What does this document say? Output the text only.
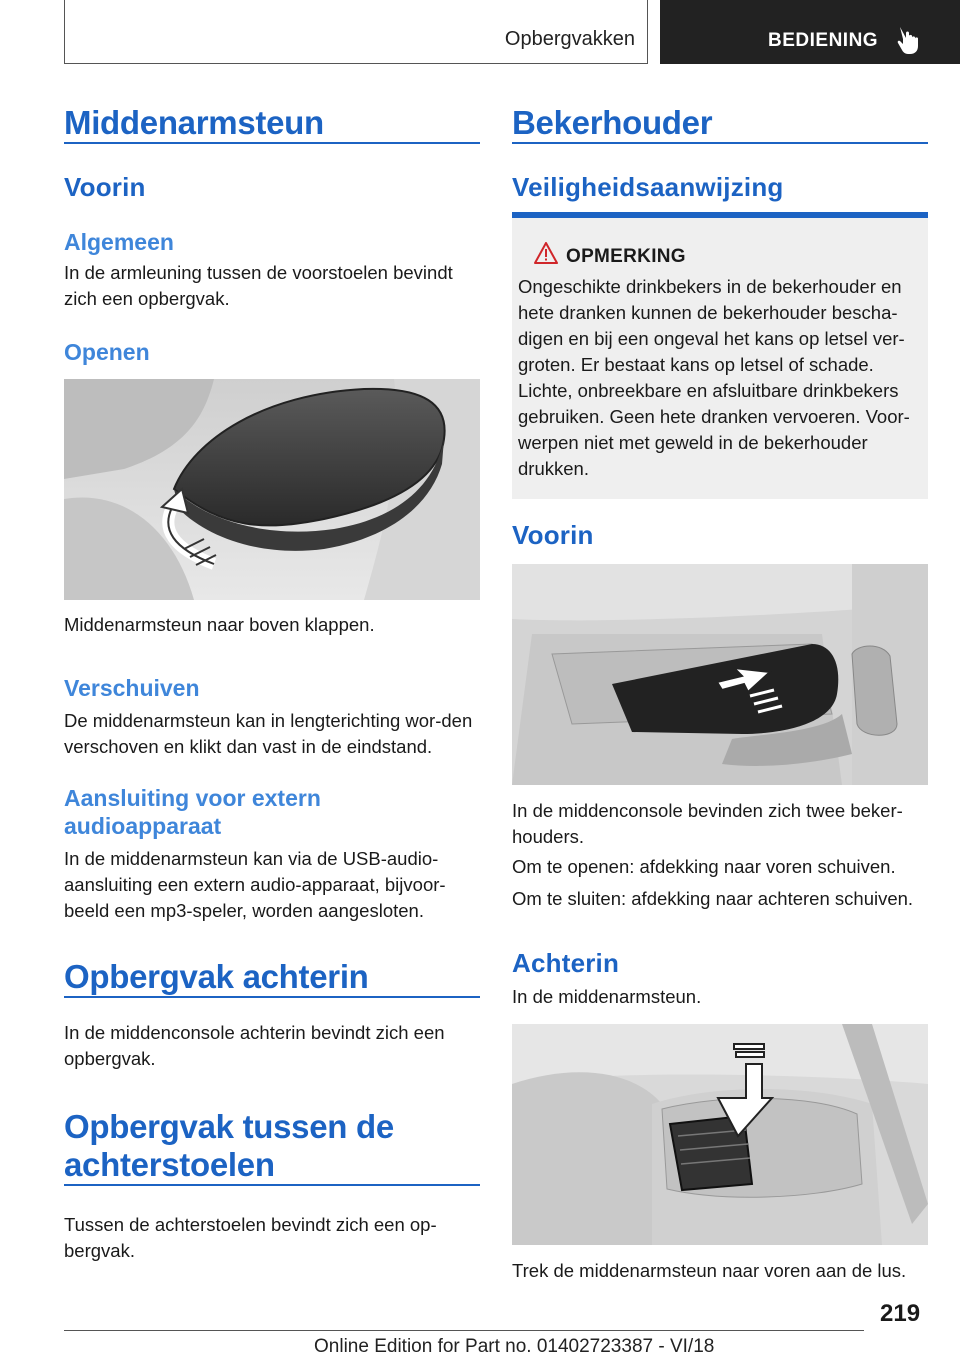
Opbergvakken	BEDIENING
Middenarmsteun
Voorin
Algemeen
In de armleuning tussen de voorstoelen bevindt zich een opbergvak.
Openen
Middenarmsteun naar boven klappen.
Verschuiven
De middenarmsteun kan in lengterichting wor-den verschoven en klikt dan vast in de eindstand.
Aansluiting voor extern audioapparaat
In de middenarmsteun kan via de USB-audio-aansluiting een extern audio-apparaat, bijvoor-beeld een mp3-speler, worden aangesloten.
Opbergvak achterin
In de middenconsole achterin bevindt zich een opbergvak.
Opbergvak tussen de achterstoelen
Tussen de achterstoelen bevindt zich een op-bergvak.
Bekerhouder
Veiligheidsaanwijzing
OPMERKING
Ongeschikte drinkbekers in de bekerhouder en hete dranken kunnen de bekerhouder bescha-digen en bij een ongeval het kans op letsel ver-groten. Er bestaat kans op letsel of schade. Lichte, onbreekbare en afsluitbare drinkbekers gebruiken. Geen hete dranken vervoeren. Voor-werpen niet met geweld in de bekerhouder drukken.
Voorin
In de middenconsole bevinden zich twee beker-houders.
Om te openen: afdekking naar voren schuiven.
Om te sluiten: afdekking naar achteren schuiven.
Achterin
In de middenarmsteun.
Trek de middenarmsteun naar voren aan de lus.
219
Online Edition for Part no. 01402723387 - VI/18
